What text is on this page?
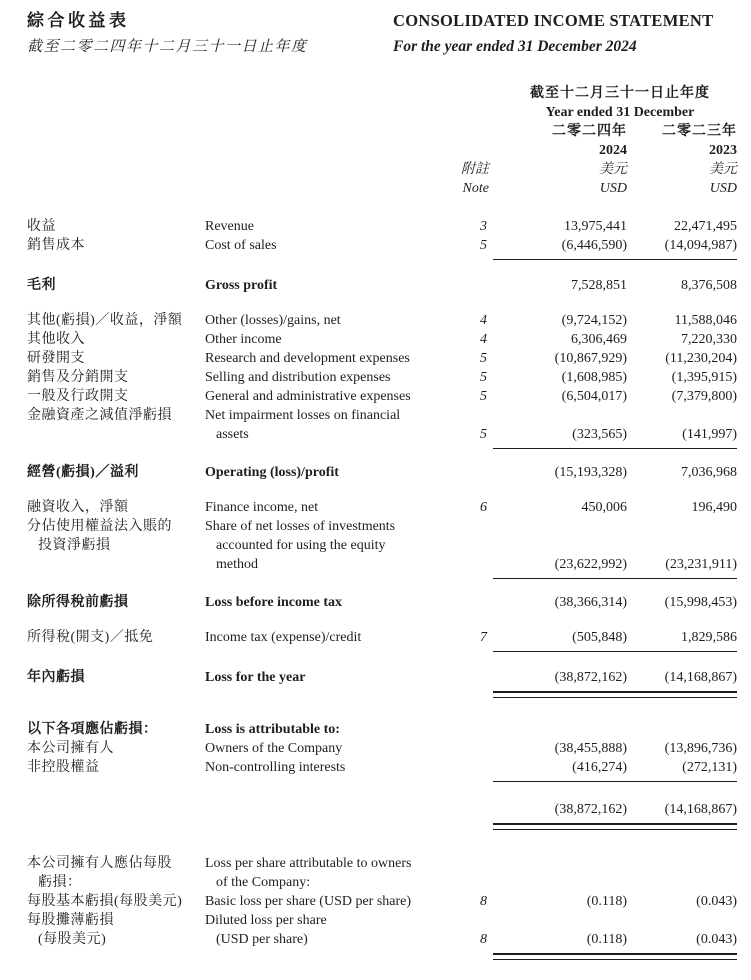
綜合收益表
截至二零二四年十二月三十一日止年度
CONSOLIDATED INCOME STATEMENT
For the year ended 31 December 2024
截至十二月三十一日止年度
Year ended 31 December
二零二四年	二零二三年
2024	2023
附註	美元	美元
Note	USD	USD
收益	Revenue	3	13,975,441	22,471,495
銷售成本	Cost of sales	5	(6,446,590)	(14,094,987)
毛利	Gross profit	7,528,851	8,376,508
其他(虧損)／收益，淨額	Other (losses)/gains, net	4	(9,724,152)	11,588,046
其他收入	Other income	4	6,306,469	7,220,330
研發開支	Research and development expenses	5	(10,867,929)	(11,230,204)
銷售及分銷開支	Selling and distribution expenses	5	(1,608,985)	(1,395,915)
一般及行政開支	General and administrative expenses	5	(6,504,017)	(7,379,800)
金融資產之減值淨虧損	Net impairment losses on financial
assets	5	(323,565)	(141,997)
經營(虧損)／溢利	Operating (loss)/profit	(15,193,328)	7,036,968
融資收入，淨額	Finance income, net	6	450,006	196,490
分佔使用權益法入賬的
投資淨虧損
Share of net losses of investments
accounted for using the equity
method	(23,622,992)	(23,231,911)
除所得稅前虧損	Loss before income tax	(38,366,314)	(15,998,453)
所得稅(開支)／抵免	Income tax (expense)/credit	7	(505,848)	1,829,586
年內虧損	Loss for the year	(38,872,162)	(14,168,867)
以下各項應佔虧損：	Loss is attributable to:
本公司擁有人	Owners of the Company	(38,455,888)	(13,896,736)
非控股權益	Non-controlling interests	(416,274)	(272,131)
(38,872,162)	(14,168,867)
本公司擁有人應佔每股
虧損：
Loss per share attributable to owners
of the Company:
每股基本虧損(每股美元)	Basic loss per share (USD per share)	8	(0.118)	(0.043)
每股攤薄虧損
(每股美元)
Diluted loss per share
(USD per share)	8	(0.118)	(0.043)
